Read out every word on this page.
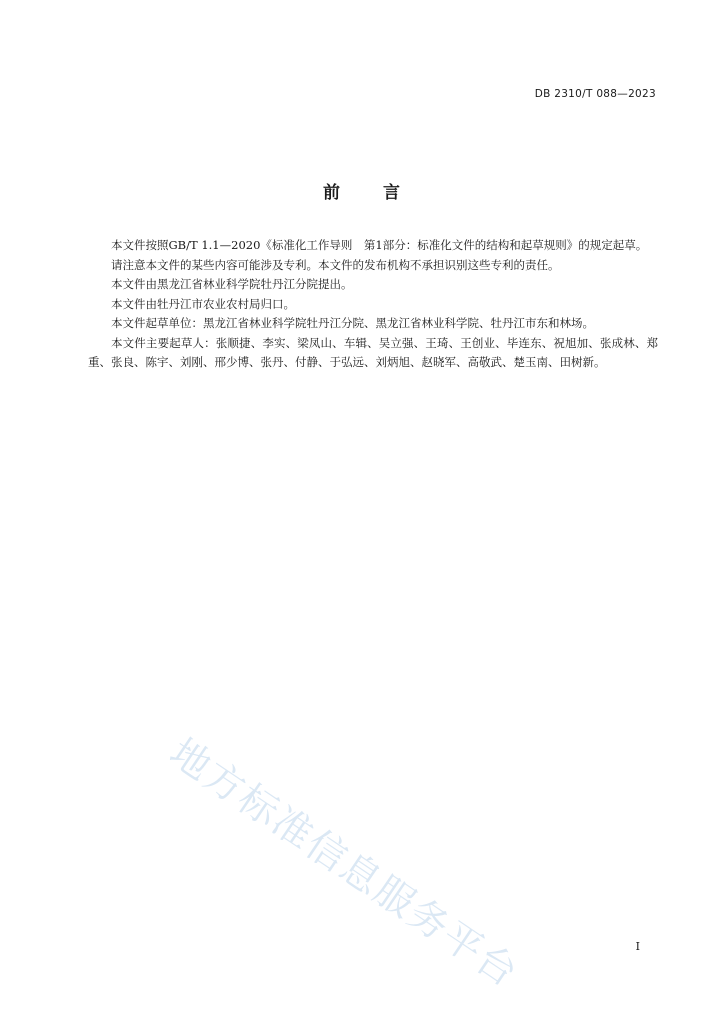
DB 2310/T 088—2023
前 言

本文件按照GB/T 1.1—2020《标准化工作导则　第1部分：标准化文件的结构和起草规则》的规定起草。

请注意本文件的某些内容可能涉及专利。本文件的发布机构不承担识别这些专利的责任。

本文件由黑龙江省林业科学院牡丹江分院提出。

本文件由牡丹江市农业农村局归口。

本文件起草单位：黑龙江省林业科学院牡丹江分院、黑龙江省林业科学院、牡丹江市东和林场。

本文件主要起草人：张顺捷、李实、梁凤山、车辑、吴立强、王琦、王创业、毕连东、祝旭加、张成林、郑重、张良、陈宇、刘刚、邢少博、张丹、付静、于弘远、刘炳旭、赵晓军、高敬武、楚玉南、田树新。

地方标准信息服务平台	I
